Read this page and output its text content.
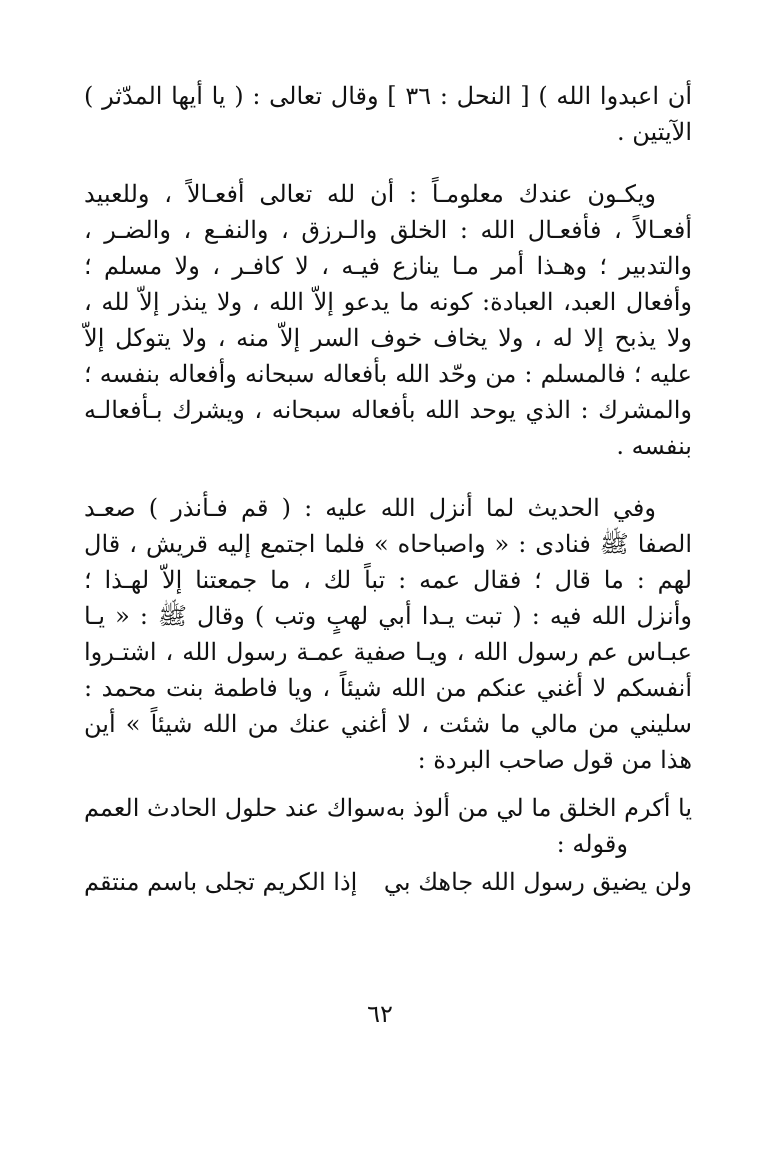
أن اعبدوا الله ) [ النحل : ٣٦ ] وقال تعالى : ( يا أيها المدّثر )
الآيتين .

ويكـون عندك معلومـاً : أن لله تعالى أفعـالاً ، وللعبيد
أفعـالاً ، فأفعـال الله : الخلق والـرزق ، والنفـع ، والضـر ،
والتدبير ؛ وهـذا أمر مـا ينازع فيـه ، لا كافـر ، ولا مسلم ؛
وأفعال العبد، العبادة: كونه ما يدعو إلاّ الله ، ولا ينذر إلاّ لله ،
ولا يذبح إلا له ، ولا يخاف خوف السر إلاّ منه ، ولا يتوكل إلاّ
عليه ؛ فالمسلم : من وحّد الله بأفعاله سبحانه وأفعاله بنفسه ؛
والمشرك : الذي يوحد الله بأفعاله سبحانه ، ويشرك بـأفعالـه
بنفسه .

وفي الحديث لما أنزل الله عليه : ( قم فـأنذر ) صعـد
الصفا ﷺ فنادى : « واصباحاه » فلما اجتمع إليه قريش ، قال
لهم : ما قال ؛ فقال عمه : تباً لك ، ما جمعتنا إلاّ لهـذا ؛
وأنزل الله فيه : ( تبت يـدا أبي لهبٍ وتب ) وقال ﷺ : « يـا
عبـاس عم رسول الله ، ويـا صفية عمـة رسول الله ، اشتـروا
أنفسكم لا أغني عنكم من الله شيئاً ، ويا فاطمة بنت محمد :
سليني من مالي ما شئت ، لا أغني عنك من الله شيئاً » أين
هذا من قول صاحب البردة :

يا أكرم الخلق ما لي من ألوذ به
سواك عند حلول الحادث العمم

وقوله :

ولن يضيق رسول الله جاهك بي
إذا الكريم تجلى باسم منتقم
٦٢
